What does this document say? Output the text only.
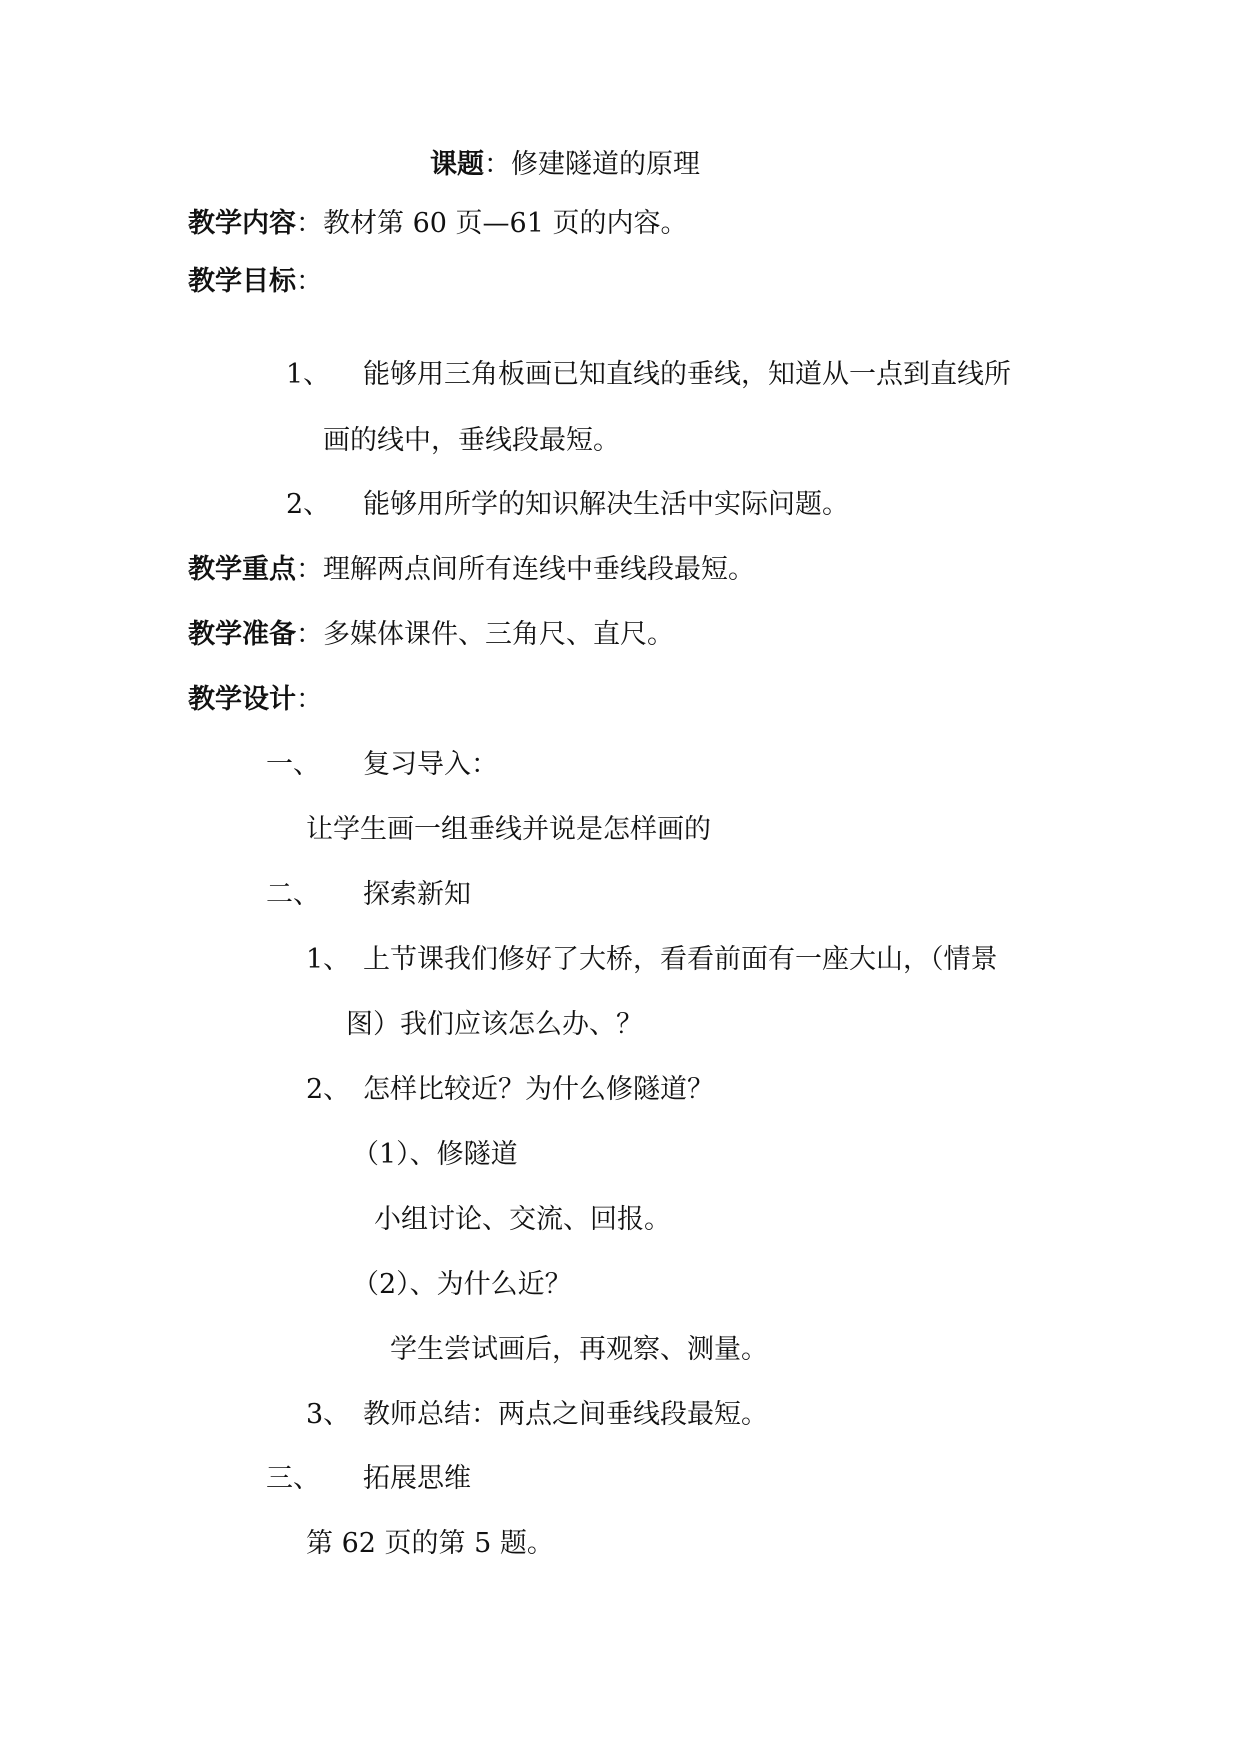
课题：修建隧道的原理
教学内容：教材第 60 页—61 页的内容。
教学目标：
1、 能够用三角板画已知直线的垂线，知道从一点到直线所
画的线中，垂线段最短。
2、 能够用所学的知识解决生活中实际问题。
教学重点：理解两点间所有连线中垂线段最短。
教学准备：多媒体课件、三角尺、直尺。
教学设计：
一、 复习导入：
让学生画一组垂线并说是怎样画的
二、 探索新知
1、 上节课我们修好了大桥，看看前面有一座大山，（情景
图）我们应该怎么办、？
2、 怎样比较近？为什么修隧道？
（1）、修隧道
小组讨论、交流、回报。
（2）、为什么近？
学生尝试画后，再观察、测量。
3、 教师总结：两点之间垂线段最短。
三、 拓展思维
第 62 页的第 5 题。
